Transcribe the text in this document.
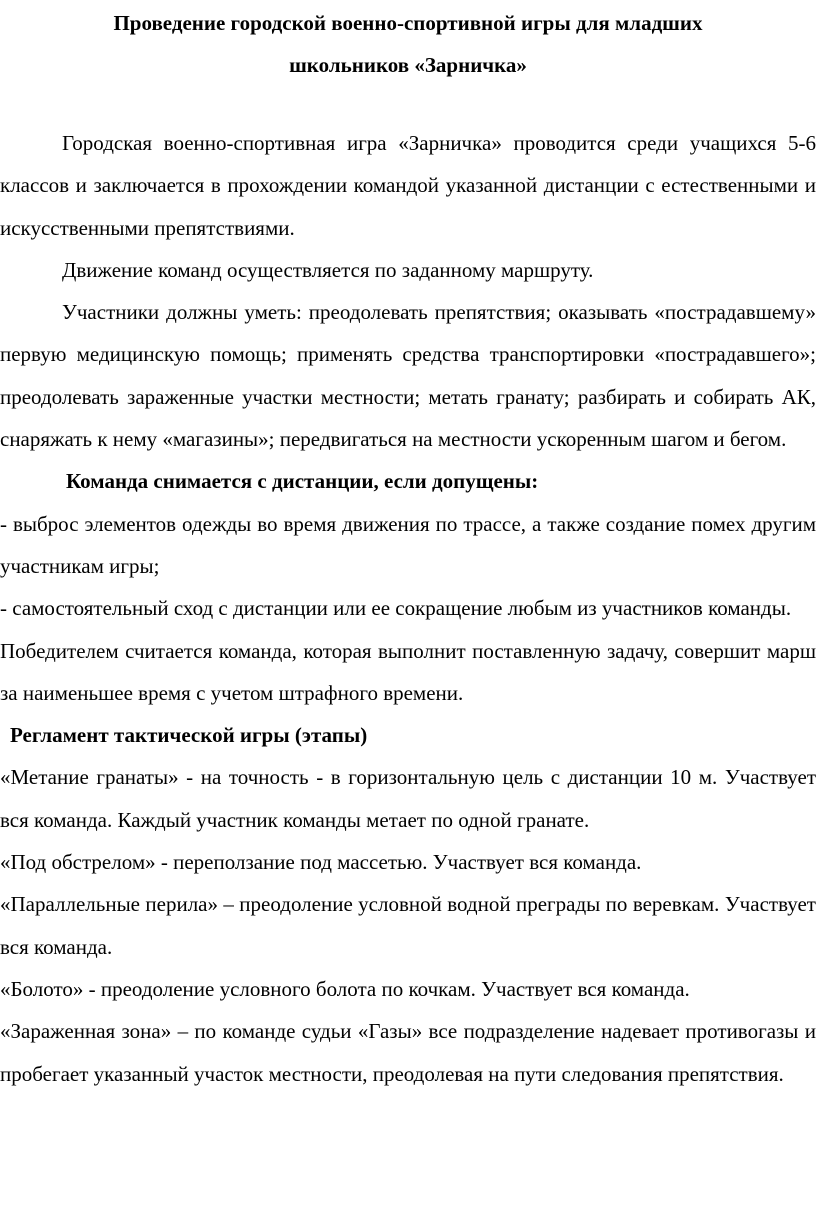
Проведение городской военно-спортивной игры для младших
школьников «Зарничка»

Городская военно-спортивная игра «Зарничка» проводится среди учащихся 5-6 классов и заключается в прохождении командой указанной дистанции с естественными и искусственными препятствиями.

Движение команд осуществляется по заданному маршруту.

Участники должны уметь: преодолевать препятствия; оказывать «пострадавшему» первую медицинскую помощь; применять средства транспортировки «пострадавшего»; преодолевать зараженные участки местности; метать гранату; разбирать и собирать АК, снаряжать к нему «магазины»; передвигаться на местности ускоренным шагом и бегом.

Команда снимается с дистанции, если допущены:

- выброс элементов одежды во время движения по трассе, а также создание помех другим участникам игры;

- самостоятельный сход с дистанции или ее сокращение любым из участников команды.

Победителем считается команда, которая выполнит поставленную задачу, совершит марш за наименьшее время с учетом штрафного времени.

Регламент тактической игры (этапы)

«Метание гранаты» - на точность - в горизонтальную цель с дистанции 10 м. Участвует вся команда. Каждый участник команды метает по одной гранате.

«Под обстрелом» - переползание под массетью. Участвует вся команда.

«Параллельные перила» – преодоление условной водной преграды по веревкам. Участвует вся команда.

«Болото» - преодоление условного болота по кочкам. Участвует вся команда.

«Зараженная зона» – по команде судьи «Газы» все подразделение надевает противогазы и пробегает указанный участок местности, преодолевая на пути следования препятствия.
